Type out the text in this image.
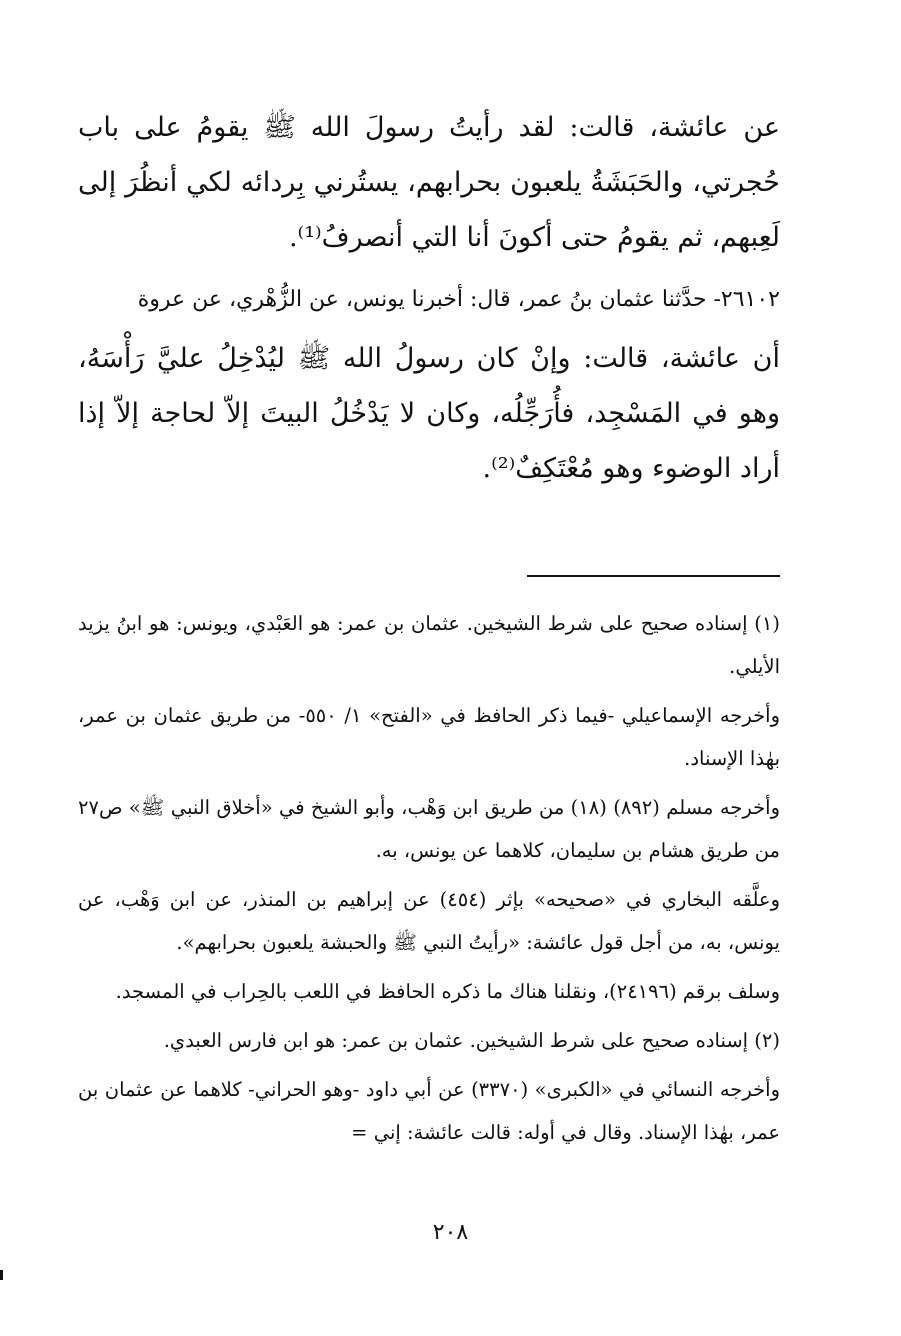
عن عائشة، قالت: لقد رأيتُ رسولَ الله ﷺ يقومُ على باب حُجرتي، والحَبَشَةُ يلعبون بحرابهم، يستُرني بِردائه لكي أنظُرَ إلى لَعِبهم، ثم يقومُ حتى أكونَ أنا التي أنصرفُ⁽¹⁾.

٢٦١٠٢- حدَّثنا عثمان بنُ عمر، قال: أخبرنا يونس، عن الزُّهْري، عن عروة

أن عائشة، قالت: وإنْ كان رسولُ الله ﷺ ليُدْخِلُ عليَّ رَأْسَهُ، وهو في المَسْجِد، فأُرَجِّلُه، وكان لا يَدْخُلُ البيتَ إلاّ لحاجة إلاّ إذا أراد الوضوء وهو مُعْتَكِفٌ⁽²⁾.

(١) إسناده صحيح على شرط الشيخين. عثمان بن عمر: هو العَبْدي، ويونس: هو ابنُ يزيد الأيلي.

وأخرجه الإسماعيلي -فيما ذكر الحافظ في «الفتح» ١/ ٥٥٠- من طريق عثمان بن عمر، بهٰذا الإسناد.

وأخرجه مسلم (٨٩٢) (١٨) من طريق ابن وَهْب، وأبو الشيخ في «أخلاق النبي ﷺ» ص٢٧ من طريق هشام بن سليمان، كلاهما عن يونس، به.

وعلَّقه البخاري في «صحيحه» بإثر (٤٥٤) عن إبراهيم بن المنذر، عن ابن وَهْب، عن يونس، به، من أجل قول عائشة: «رأيتُ النبي ﷺ والحبشة يلعبون بحرابهم».

وسلف برقم (٢٤١٩٦)، ونقلنا هناك ما ذكره الحافظ في اللعب بالحِراب في المسجد.

(٢) إسناده صحيح على شرط الشيخين. عثمان بن عمر: هو ابن فارس العبدي.

وأخرجه النسائي في «الكبرى» (٣٣٧٠) عن أبي داود -وهو الحراني- كلاهما عن عثمان بن عمر، بهٰذا الإسناد. وقال في أوله: قالت عائشة: إني =

٢٠٨
